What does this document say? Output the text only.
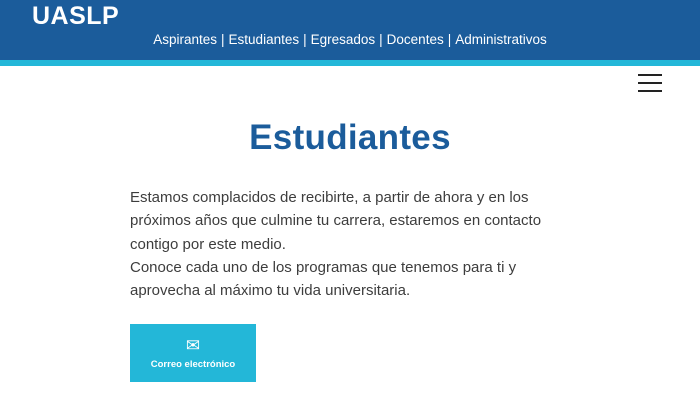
UASLP
Aspirantes | Estudiantes | Egresados | Docentes | Administrativos
Estudiantes

Estamos complacidos de recibirte, a partir de ahora y en los próximos años que culmine tu carrera, estaremos en contacto contigo por este medio.

Conoce cada uno de los programas que tenemos para ti y aprovecha al máximo tu vida universitaria.

✉
Correo electrónico
